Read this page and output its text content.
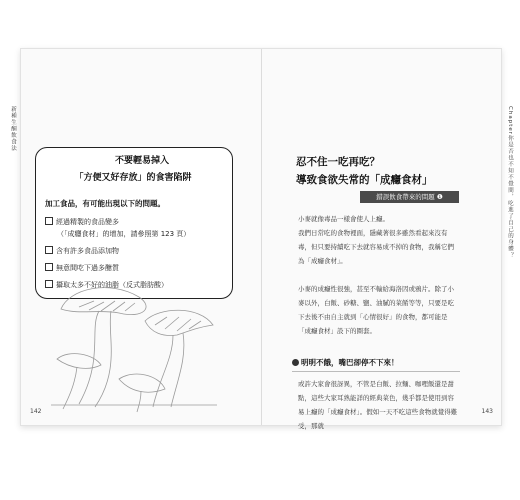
新種生酮飲食法
不要輕易掉入
「方便又好存放」的食害陷阱
加工食品，有可能出現以下的問題。
經過精製的食品變多
（「成癮食材」的增加，請參照第 123 頁）
含有許多食品添加物
無意間吃下過多醣質
攝取太多不好的油脂（反式脂肪酸）
142
Chapter你是否也不知不覺間，吃進了自己的身體？
忍不住一吃再吃？
導致食欲失常的「成癮食材」
錯誤飲食帶來的問題 ❶
小麥就像毒品一樣會使人上癮。
我們日常吃的食物裡面，隱藏著很多雖然看起來沒有毒，但只要持續吃下去就容易成不掉的食物，我稱它們為「成癮食材」。
小麥的成癮性很強，甚至不輸給海洛因或鴉片。除了小麥以外，白飯、砂糖、鹽、油膩的菜餚等等，只要是吃下去後不由自主就到「心情很好」的食物，都可能是「成癮食材」設下的圈套。
明明不餓，嘴巴卻停不下來！
或許大家會很訝異，不管是白飯、拉麵、咖哩飯還是甜點，這些大家耳熟能詳的經典菜色，幾乎都是使用到容易上癮的「成癮食材」。假如一天不吃這些食物就覺得難受，那就
143
